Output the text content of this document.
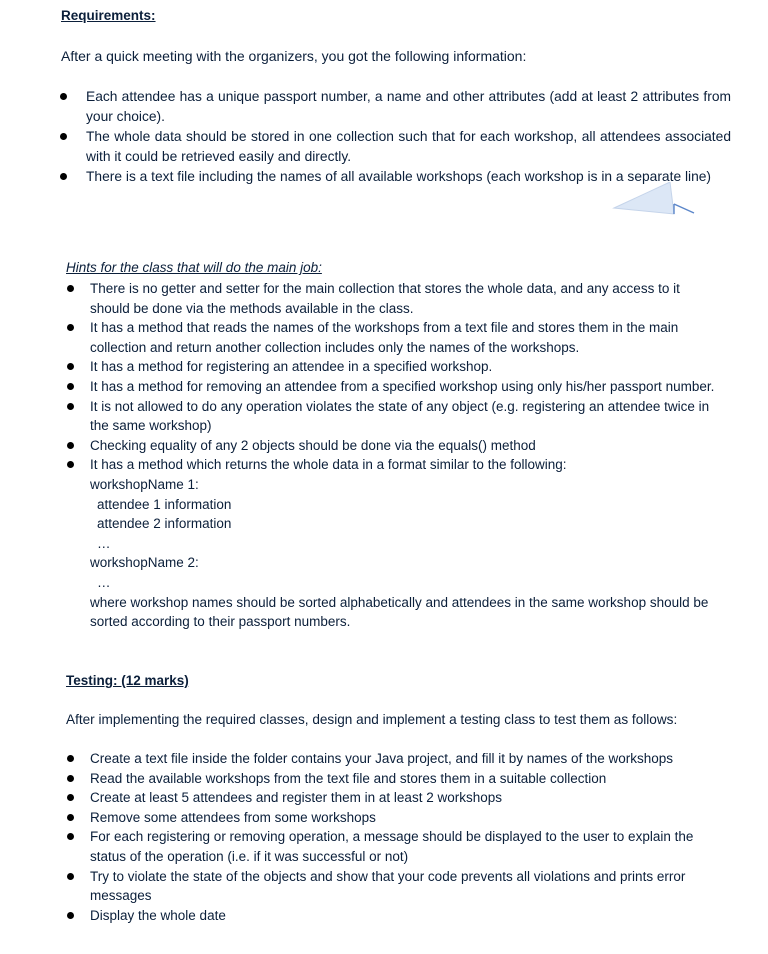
Requirements:
After a quick meeting with the organizers, you got the following information:
Each attendee has a unique passport number, a name and other attributes (add at least 2 attributes from your choice).
The whole data should be stored in one collection such that for each workshop, all attendees associated with it could be retrieved easily and directly.
There is a text file including the names of all available workshops (each workshop is in a separate line)
Hints for the class that will do the main job:
There is no getter and setter for the main collection that stores the whole data, and any access to it should be done via the methods available in the class.
It has a method that reads the names of the workshops from a text file and stores them in the main collection and return another collection includes only the names of the workshops.
It has a method for registering an attendee in a specified workshop.
It has a method for removing an attendee from a specified workshop using only his/her passport number.
It is not allowed to do any operation violates the state of any object (e.g. registering an attendee twice in the same workshop)
Checking equality of any 2 objects should be done via the equals() method
It has a method which returns the whole data in a format similar to the following:
workshopName 1:
attendee 1 information
attendee 2 information
…
workshopName 2:
…
where workshop names should be sorted alphabetically and attendees in the same workshop should be sorted according to their passport numbers.
Testing: (12 marks)
After implementing the required classes, design and implement a testing class to test them as follows:
Create a text file inside the folder contains your Java project, and fill it by names of the workshops
Read the available workshops from the text file and stores them in a suitable collection
Create at least 5 attendees and register them in at least 2 workshops
Remove some attendees from some workshops
For each registering or removing operation, a message should be displayed to the user to explain the status of the operation (i.e. if it was successful or not)
Try to violate the state of the objects and show that your code prevents all violations and prints error messages
Display the whole date
